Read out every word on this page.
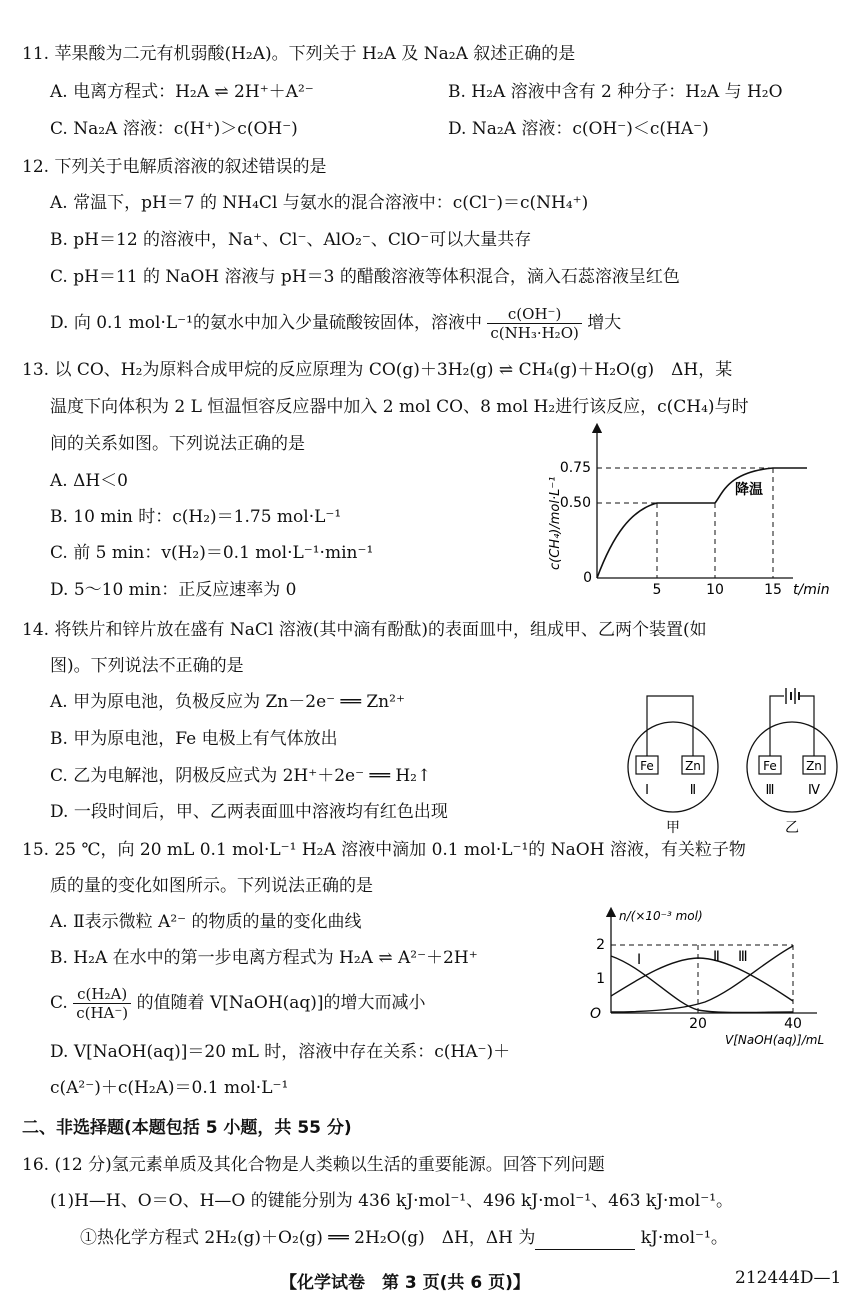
11. 苹果酸为二元有机弱酸(H₂A)。下列关于 H₂A 及 Na₂A 叙述正确的是
A. 电离方程式：H₂A ⇌ 2H⁺＋A²⁻	B. H₂A 溶液中含有 2 种分子：H₂A 与 H₂O
C. Na₂A 溶液：c(H⁺)＞c(OH⁻)	D. Na₂A 溶液：c(OH⁻)＜c(HA⁻)
12. 下列关于电解质溶液的叙述错误的是
A. 常温下，pH＝7 的 NH₄Cl 与氨水的混合溶液中：c(Cl⁻)＝c(NH₄⁺)
B. pH＝12 的溶液中，Na⁺、Cl⁻、AlO₂⁻、ClO⁻可以大量共存
C. pH＝11 的 NaOH 溶液与 pH＝3 的醋酸溶液等体积混合，滴入石蕊溶液呈红色
D. 向 0.1 mol·L⁻¹的氨水中加入少量硫酸铵固体，溶液中 $\frac{c(OH^-)}{\text{c(NH₃·H₂O)}}$ 增大
13. 以 CO、H₂为原料合成甲烷的反应原理为 CO(g)＋3H₂(g) ⇌ CH₄(g)＋H₂O(g)　ΔH，某
温度下向体积为 2 L 恒温恒容反应器中加入 2 mol CO、8 mol H₂进行该反应，c(CH₄)与时
间的关系如图。下列说法正确的是
A. ΔH＜0
B. 10 min 时：c(H₂)＝1.75 mol·L⁻¹
C. 前 5 min：v(H₂)＝0.1 mol·L⁻¹·min⁻¹
D. 5～10 min：正反应速率为 0
0.75
0.50
0
5	10	15 t/min
降温
c(CH₄)/mol·L⁻¹
14. 将铁片和锌片放在盛有 NaCl 溶液(其中滴有酚酞)的表面皿中，组成甲、乙两个装置(如
图)。下列说法不正确的是
A. 甲为原电池，负极反应为 Zn－2e⁻ ══ Zn²⁺
B. 甲为原电池，Fe 电极上有气体放出
C. 乙为电解池，阴极反应式为 2H⁺＋2e⁻ ══ H₂↑
D. 一段时间后，甲、乙两表面皿中溶液均有红色出现
Fe	Zn
Ⅰ	Ⅱ
甲
Fe Zn
Ⅲ	Ⅳ
乙
15. 25 ℃，向 20 mL 0.1 mol·L⁻¹ H₂A 溶液中滴加 0.1 mol·L⁻¹的 NaOH 溶液，有关粒子物
质的量的变化如图所示。下列说法正确的是
A. Ⅱ表示微粒 A²⁻ 的物质的量的变化曲线
B. H₂A 在水中的第一步电离方程式为 H₂A ⇌ A²⁻＋2H⁺
C. $\frac{\text{c(H₂A)}}{c(HA^-)}$ 的值随着 V[NaOH(aq)]的增大而减小
D. V[NaOH(aq)]＝20 mL 时，溶液中存在关系：c(HA⁻)＋
c(A²⁻)＋c(H₂A)＝0.1 mol·L⁻¹
Ⅰ	Ⅱ Ⅲ
2
1
O
20	40
n/(×10⁻³ mol)
V[NaOH(aq)]/mL
二、非选择题(本题包括 5 小题，共 55 分)
16. (12 分)氢元素单质及其化合物是人类赖以生活的重要能源。回答下列问题
(1)H—H、O＝O、H—O 的键能分别为 436 kJ·mol⁻¹、496 kJ·mol⁻¹、463 kJ·mol⁻¹。
①热化学方程式 2H₂(g)＋O₂(g) ══ 2H₂O(g)　ΔH，ΔH 为	kJ·mol⁻¹。
【化学试卷　第 3 页(共 6 页)】	212444D—1
